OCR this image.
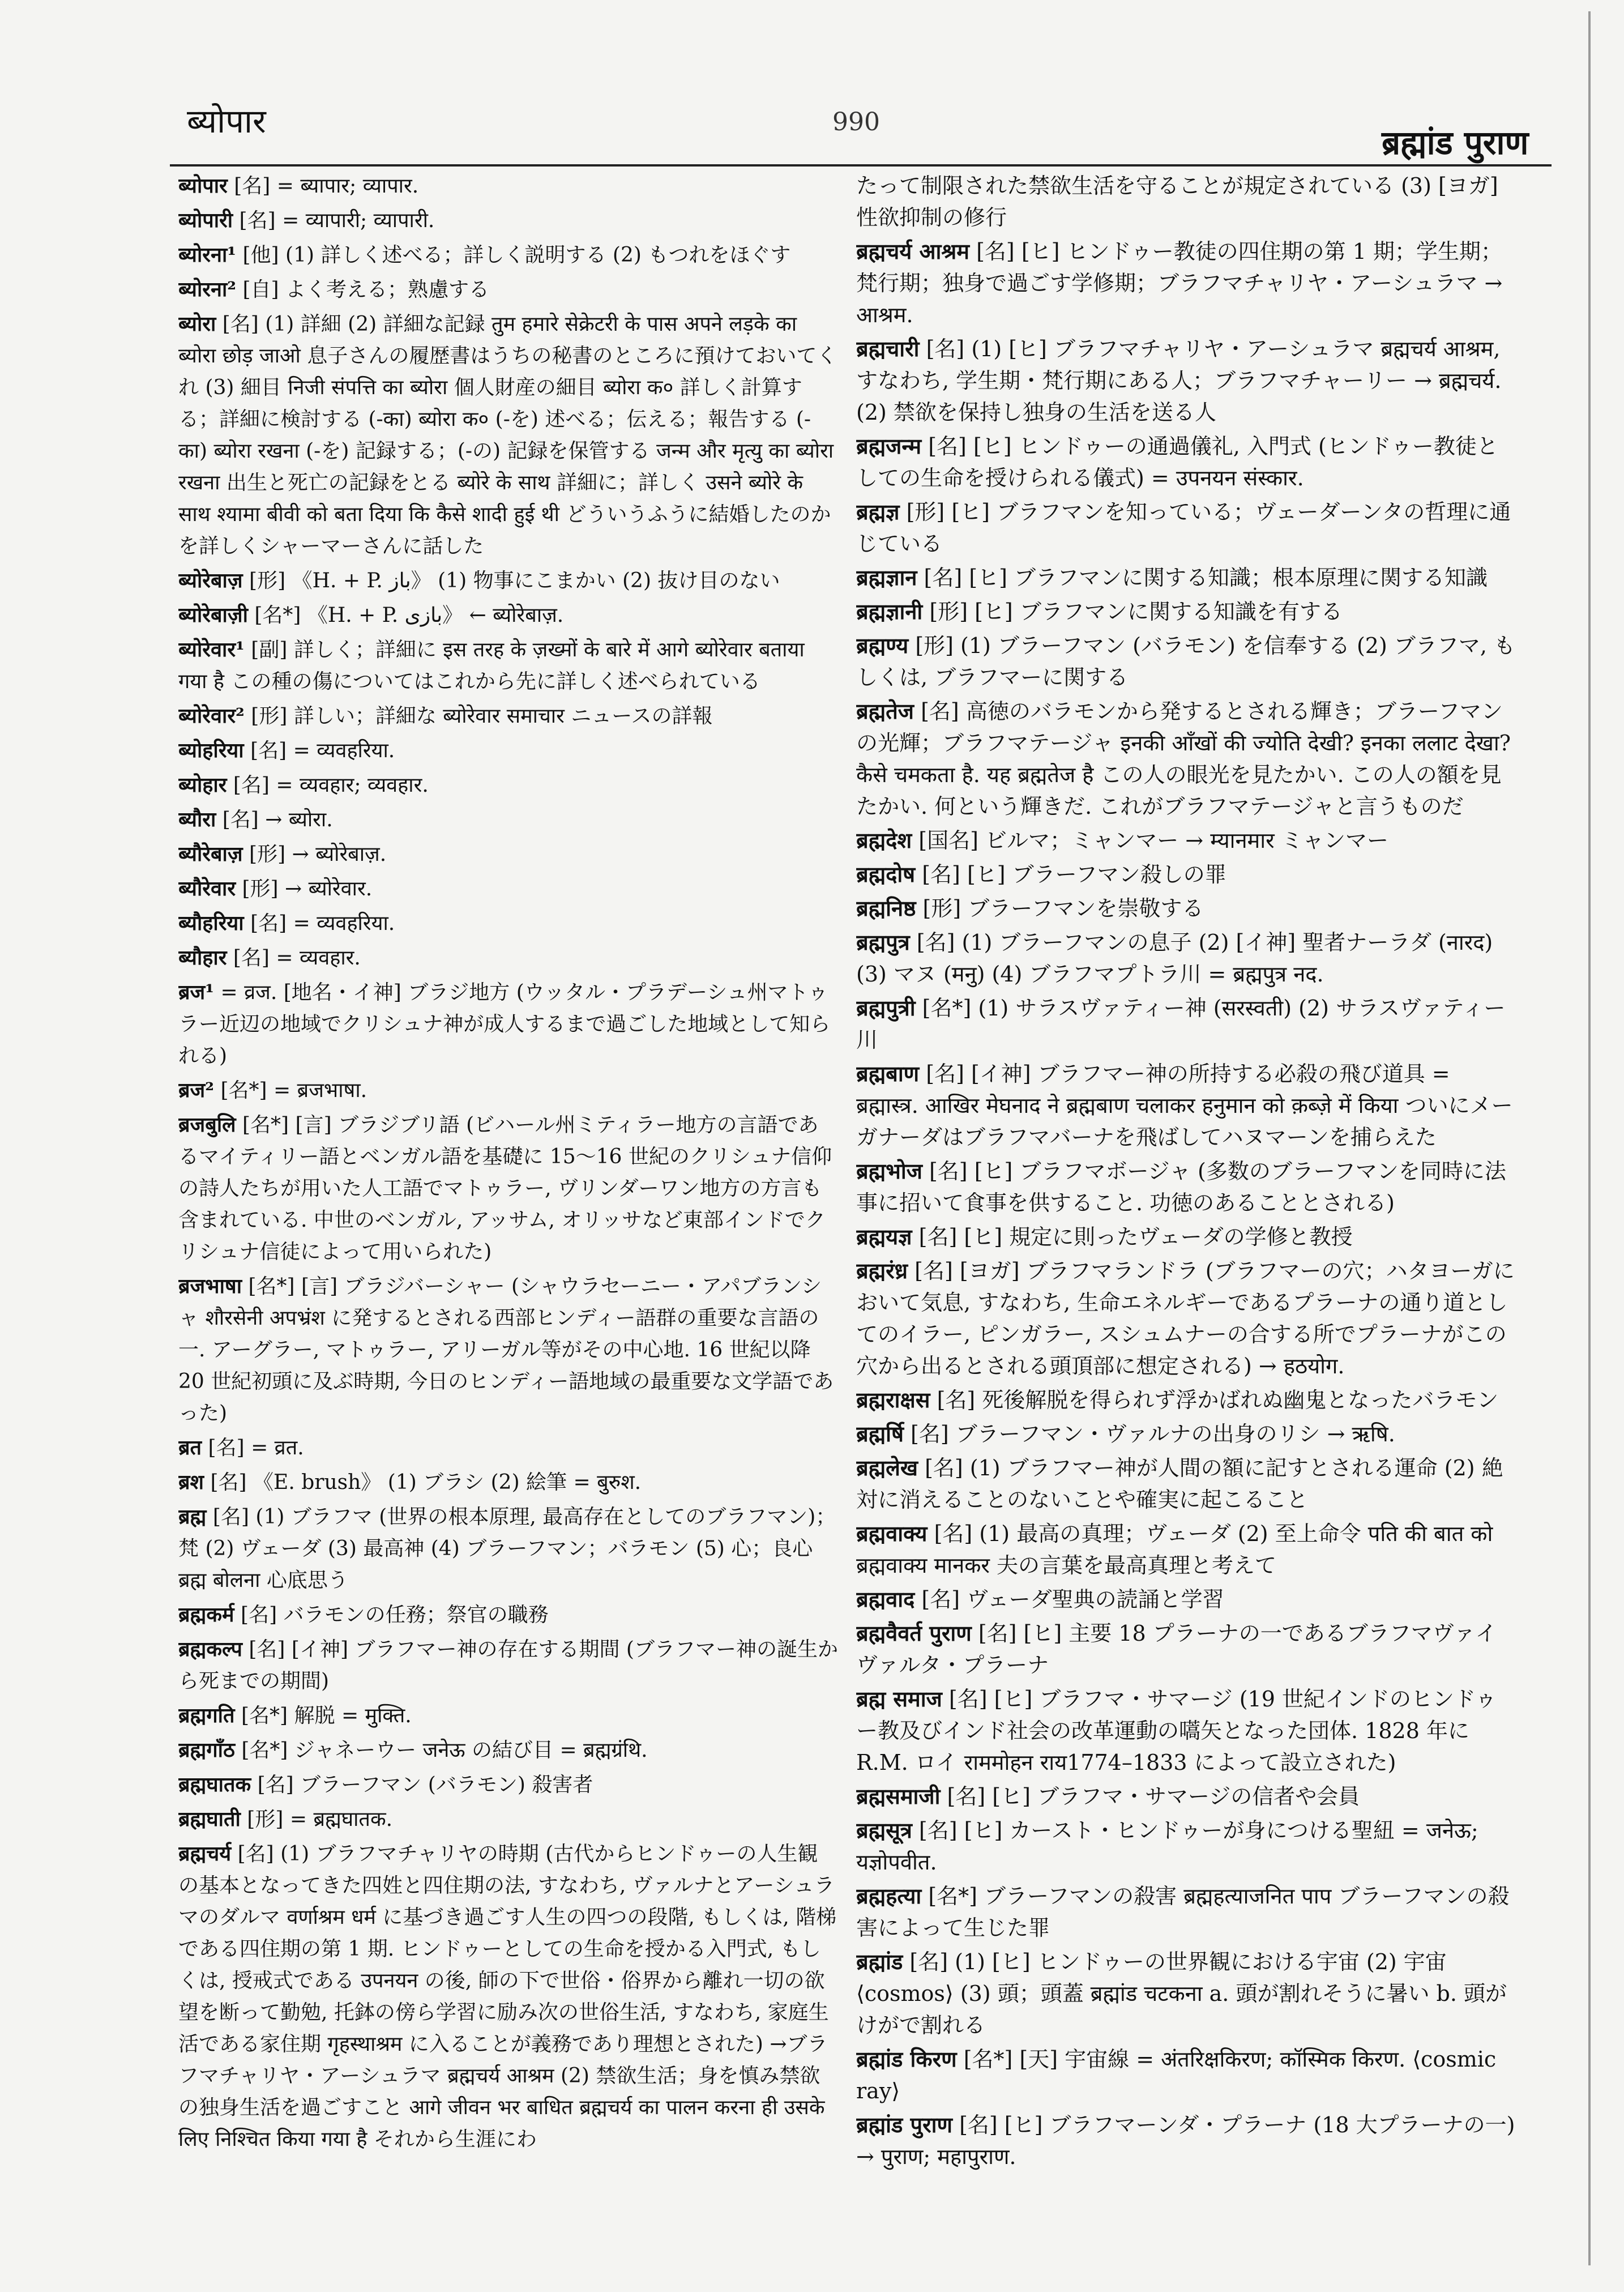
ब्योपार	990
ब्रह्मांड पुराण
ब्योपार [名] = ब्यापार; व्यापार.
ब्योपारी [名] = व्यापारी; व्यापारी.
ब्योरना¹ [他] (1) 詳しく述べる；詳しく説明する (2) もつれをほぐす
ब्योरना² [自] よく考える；熟慮する
ब्योरा [名] (1) 詳細 (2) 詳細な記録 तुम हमारे सेक्रेटरी के पास अपने लड़के का ब्योरा छोड़ जाओ 息子さんの履歴書はうちの秘書のところに預けておいてくれ (3) 細目 निजी संपत्ति का ब्योरा 個人財産の細目 ब्योरा क० 詳しく計算する；詳細に検討する (-का) ब्योरा क० (-を) 述べる；伝える；報告する (-का) ब्योरा रखना (-を) 記録する；(-の) 記録を保管する जन्म और मृत्यु का ब्योरा रखना 出生と死亡の記録をとる ब्योरे के साथ 詳細に；詳しく उसने ब्योरे के साथ श्यामा बीवी को बता दिया कि कैसे शादी हुई थी どういうふうに結婚したのかを詳しくシャーマーさんに話した
ब्योरेबाज़ [形] 《H. + P. باز》 (1) 物事にこまかい (2) 抜け目のない
ब्योरेबाज़ी [名*] 《H. + P. بازی》 ← ब्योरेबाज़.
ब्योरेवार¹ [副] 詳しく；詳細に इस तरह के ज़ख्मों के बारे में आगे ब्योरेवार बताया गया है この種の傷についてはこれから先に詳しく述べられている
ब्योरेवार² [形] 詳しい；詳細な ब्योरेवार समाचार ニュースの詳報
ब्योहरिया [名] = व्यवहरिया.
ब्योहार [名] = व्यवहार; व्यवहार.
ब्यौरा [名] → ब्योरा.
ब्यौरेबाज़ [形] → ब्योरेबाज़.
ब्यौरेवार [形] → ब्योरेवार.
ब्यौहरिया [名] = व्यवहरिया.
ब्यौहार [名] = व्यवहार.
ब्रज¹ = व्रज. [地名・イ神] ブラジ地方 (ウッタル・プラデーシュ州マトゥラー近辺の地域でクリシュナ神が成人するまで過ごした地域として知られる)
ब्रज² [名*] = ब्रजभाषा.
ब्रजबुलि [名*] [言] ブラジブリ語 (ビハール州ミティラー地方の言語であるマイティリー語とベンガル語を基礎に 15〜16 世紀のクリシュナ信仰の詩人たちが用いた人工語でマトゥラー, ヴリンダーワン地方の方言も含まれている. 中世のベンガル, アッサム, オリッサなど東部インドでクリシュナ信徒によって用いられた)
ब्रजभाषा [名*] [言] ブラジバーシャー (シャウラセーニー・アパブランシャ शौरसेनी अपभ्रंश に発するとされる西部ヒンディー語群の重要な言語の一. アーグラー, マトゥラー, アリーガル等がその中心地. 16 世紀以降 20 世紀初頭に及ぶ時期, 今日のヒンディー語地域の最重要な文学語であった)
ब्रत [名] = व्रत.
ब्रश [名] 《E. brush》 (1) ブラシ (2) 絵筆 = बुरुश.
ब्रह्म [名] (1) ブラフマ (世界の根本原理, 最高存在としてのブラフマン)；梵 (2) ヴェーダ (3) 最高神 (4) ブラーフマン；バラモン (5) 心；良心 ब्रह्म बोलना 心底思う
ब्रह्मकर्म [名] バラモンの任務；祭官の職務
ब्रह्मकल्प [名] [イ神] ブラフマー神の存在する期間 (ブラフマー神の誕生から死までの期間)
ब्रह्मगति [名*] 解脱 = मुक्ति.
ब्रह्मगाँठ [名*] ジャネーウー जनेऊ の結び目 = ब्रह्मग्रंथि.
ब्रह्मघातक [名] ブラーフマン (バラモン) 殺害者
ब्रह्मघाती [形] = ब्रह्मघातक.
ब्रह्मचर्य [名] (1) ブラフマチャリヤの時期 (古代からヒンドゥーの人生観の基本となってきた四姓と四住期の法, すなわち, ヴァルナとアーシュラマのダルマ वर्णाश्रम धर्म に基づき過ごす人生の四つの段階, もしくは, 階梯である四住期の第 1 期. ヒンドゥーとしての生命を授かる入門式, もしくは, 授戒式である उपनयन の後, 師の下で世俗・俗界から離れ一切の欲望を断って勤勉, 托鉢の傍ら学習に励み次の世俗生活, すなわち, 家庭生活である家住期 गृहस्थाश्रम に入ることが義務であり理想とされた) →ブラフマチャリヤ・アーシュラマ ब्रह्मचर्य आश्रम (2) 禁欲生活；身を慎み禁欲の独身生活を過ごすこと आगे जीवन भर बाधित ब्रह्मचर्य का पालन करना ही उसके लिए निश्चित किया गया है それから生涯にわ
たって制限された禁欲生活を守ることが規定されている (3) [ヨガ] 性欲抑制の修行
ब्रह्मचर्य आश्रम [名] [ヒ] ヒンドゥー教徒の四住期の第 1 期；学生期；梵行期；独身で過ごす学修期；ブラフマチャリヤ・アーシュラマ → आश्रम.
ब्रह्मचारी [名] (1) [ヒ] ブラフマチャリヤ・アーシュラマ ब्रह्मचर्य आश्रम, すなわち, 学生期・梵行期にある人；ブラフマチャーリー → ब्रह्मचर्य. (2) 禁欲を保持し独身の生活を送る人
ब्रह्मजन्म [名] [ヒ] ヒンドゥーの通過儀礼, 入門式 (ヒンドゥー教徒としての生命を授けられる儀式) = उपनयन संस्कार.
ब्रह्मज्ञ [形] [ヒ] ブラフマンを知っている；ヴェーダーンタの哲理に通じている
ब्रह्मज्ञान [名] [ヒ] ブラフマンに関する知識；根本原理に関する知識
ब्रह्मज्ञानी [形] [ヒ] ブラフマンに関する知識を有する
ब्रह्मण्य [形] (1) ブラーフマン (バラモン) を信奉する (2) ブラフマ, もしくは, ブラフマーに関する
ब्रह्मतेज [名] 高徳のバラモンから発するとされる輝き；ブラーフマンの光輝；ブラフマテージャ इनकी आँखों की ज्योति देखी? इनका ललाट देखा? कैसे चमकता है. यह ब्रह्मतेज है この人の眼光を見たかい. この人の額を見たかい. 何という輝きだ. これがブラフマテージャと言うものだ
ब्रह्मदेश [国名] ビルマ；ミャンマー → म्यानमार ミャンマー
ब्रह्मदोष [名] [ヒ] ブラーフマン殺しの罪
ब्रह्मनिष्ठ [形] ブラーフマンを崇敬する
ब्रह्मपुत्र [名] (1) ブラーフマンの息子 (2) [イ神] 聖者ナーラダ (नारद) (3) マヌ (मनु) (4) ブラフマプトラ川 = ब्रह्मपुत्र नद.
ब्रह्मपुत्री [名*] (1) サラスヴァティー神 (सरस्वती) (2) サラスヴァティー川
ब्रह्मबाण [名] [イ神] ブラフマー神の所持する必殺の飛び道具 = ब्रह्मास्त्र. आखिर मेघनाद ने ब्रह्मबाण चलाकर हनुमान को क़ब्ज़े में किया ついにメーガナーダはブラフマバーナを飛ばしてハヌマーンを捕らえた
ब्रह्मभोज [名] [ヒ] ブラフマボージャ (多数のブラーフマンを同時に法事に招いて食事を供すること. 功徳のあることとされる)
ब्रह्मयज्ञ [名] [ヒ] 規定に則ったヴェーダの学修と教授
ब्रह्मरंध्र [名] [ヨガ] ブラフマランドラ (ブラフマーの穴；ハタヨーガにおいて気息, すなわち, 生命エネルギーであるプラーナの通り道としてのイラー, ピンガラー, スシュムナーの合する所でプラーナがこの穴から出るとされる頭頂部に想定される) → हठयोग.
ब्रह्मराक्षस [名] 死後解脱を得られず浮かばれぬ幽鬼となったバラモン
ब्रह्मर्षि [名] ブラーフマン・ヴァルナの出身のリシ → ऋषि.
ब्रह्मलेख [名] (1) ブラフマー神が人間の額に記すとされる運命 (2) 絶対に消えることのないことや確実に起こること
ब्रह्मवाक्य [名] (1) 最高の真理；ヴェーダ (2) 至上命令 पति की बात को ब्रह्मवाक्य मानकर 夫の言葉を最高真理と考えて
ब्रह्मवाद [名] ヴェーダ聖典の読誦と学習
ब्रह्मवैवर्त पुराण [名] [ヒ] 主要 18 プラーナの一であるブラフマヴァイヴァルタ・プラーナ
ब्रह्म समाज [名] [ヒ] ブラフマ・サマージ (19 世紀インドのヒンドゥー教及びインド社会の改革運動の嚆矢となった団体. 1828 年に R.M. ロイ राममोहन राय1774–1833 によって設立された)
ब्रह्मसमाजी [名] [ヒ] ブラフマ・サマージの信者や会員
ब्रह्मसूत्र [名] [ヒ] カースト・ヒンドゥーが身につける聖紐 = जनेऊ; यज्ञोपवीत.
ब्रह्महत्या [名*] ブラーフマンの殺害 ब्रह्महत्याजनित पाप ブラーフマンの殺害によって生じた罪
ब्रह्मांड [名] (1) [ヒ] ヒンドゥーの世界観における宇宙 (2) 宇宙 ⟨cosmos⟩ (3) 頭；頭蓋 ब्रह्मांड चटकना a. 頭が割れそうに暑い b. 頭がけがで割れる
ब्रह्मांड किरण [名*] [天] 宇宙線 = अंतरिक्षकिरण; कॉस्मिक किरण. ⟨cosmic ray⟩
ब्रह्मांड पुराण [名] [ヒ] ブラフマーンダ・プラーナ (18 大プラーナの一) → पुराण; महापुराण.
